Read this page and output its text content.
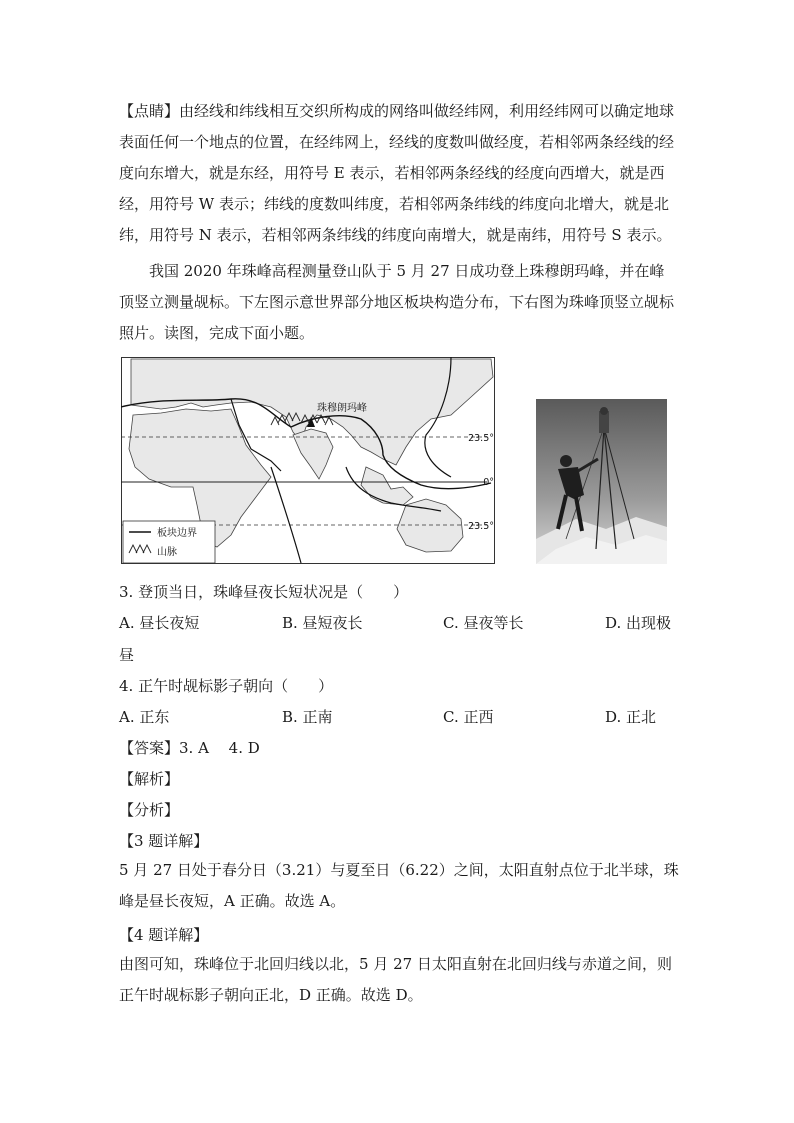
【点睛】由经线和纬线相互交织所构成的网络叫做经纬网，利用经纬网可以确定地球表面任何一个地点的位置，在经纬网上，经线的度数叫做经度，若相邻两条经线的经度向东增大，就是东经，用符号 E 表示，若相邻两条经线的经度向西增大，就是西经，用符号 W 表示；纬线的度数叫纬度，若相邻两条纬线的纬度向北增大，就是北纬，用符号 N 表示，若相邻两条纬线的纬度向南增大，就是南纬，用符号 S 表示。

我国 2020 年珠峰高程测量登山队于 5 月 27 日成功登上珠穆朗玛峰，并在峰顶竖立测量觇标。下左图示意世界部分地区板块构造分布，下右图为珠峰顶竖立觇标照片。读图，完成下面小题。

珠穆朗玛峰
23.5°
0°
23.5°
板块边界
山脉
3. 登顶当日，珠峰昼夜长短状况是（　　）
A. 昼长夜短	B. 昼短夜长	C. 昼夜等长	D. 出现极
昼
4. 正午时觇标影子朝向（　　）
A. 正东	B. 正南	C. 正西	D. 正北
【答案】3. A　 4. D
【解析】
【分析】
【3 题详解】

5 月 27 日处于春分日（3.21）与夏至日（6.22）之间，太阳直射点位于北半球，珠峰是昼长夜短，A 正确。故选 A。

【4 题详解】

由图可知，珠峰位于北回归线以北，5 月 27 日太阳直射在北回归线与赤道之间，则正午时觇标影子朝向正北，D 正确。故选 D。
